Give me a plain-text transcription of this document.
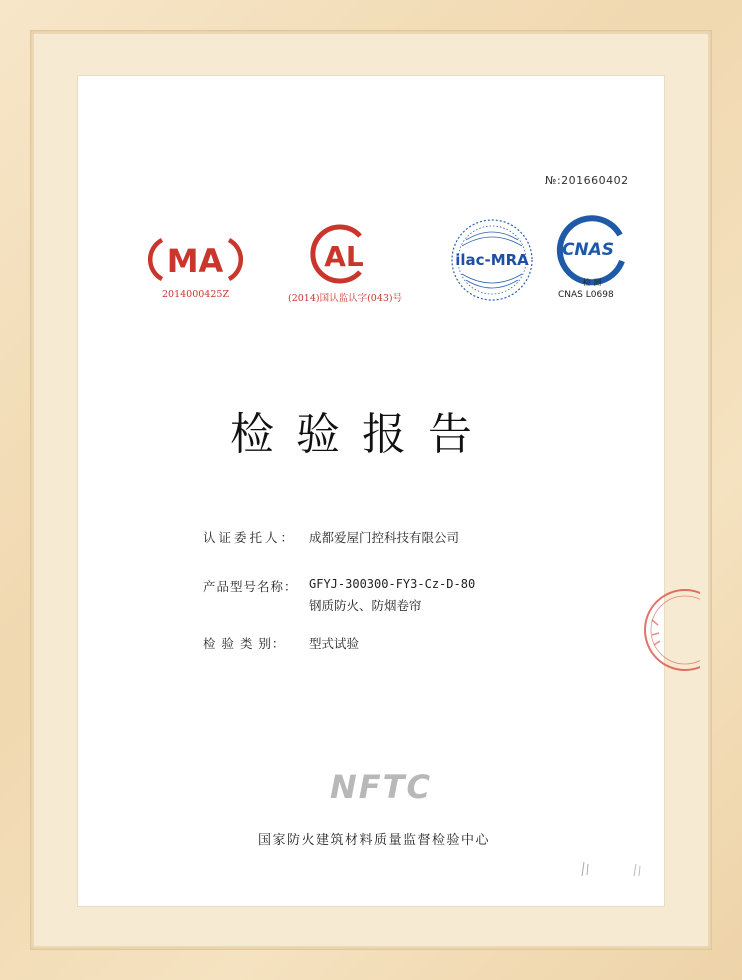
№:201660402
MA
2014000425Z
AL
(2014)国认监认字(043)号
ilac-MRA CNAS
检 测
CNAS L0698
检验报告
认证委托人： 成都爱屋门控科技有限公司
产品型号名称： GFYJ-300300-FY3-Cz-D-80
钢质防火、防烟卷帘
检 验 类 别： 型式试验
NFTC
国家防火建筑材料质量监督检验中心
